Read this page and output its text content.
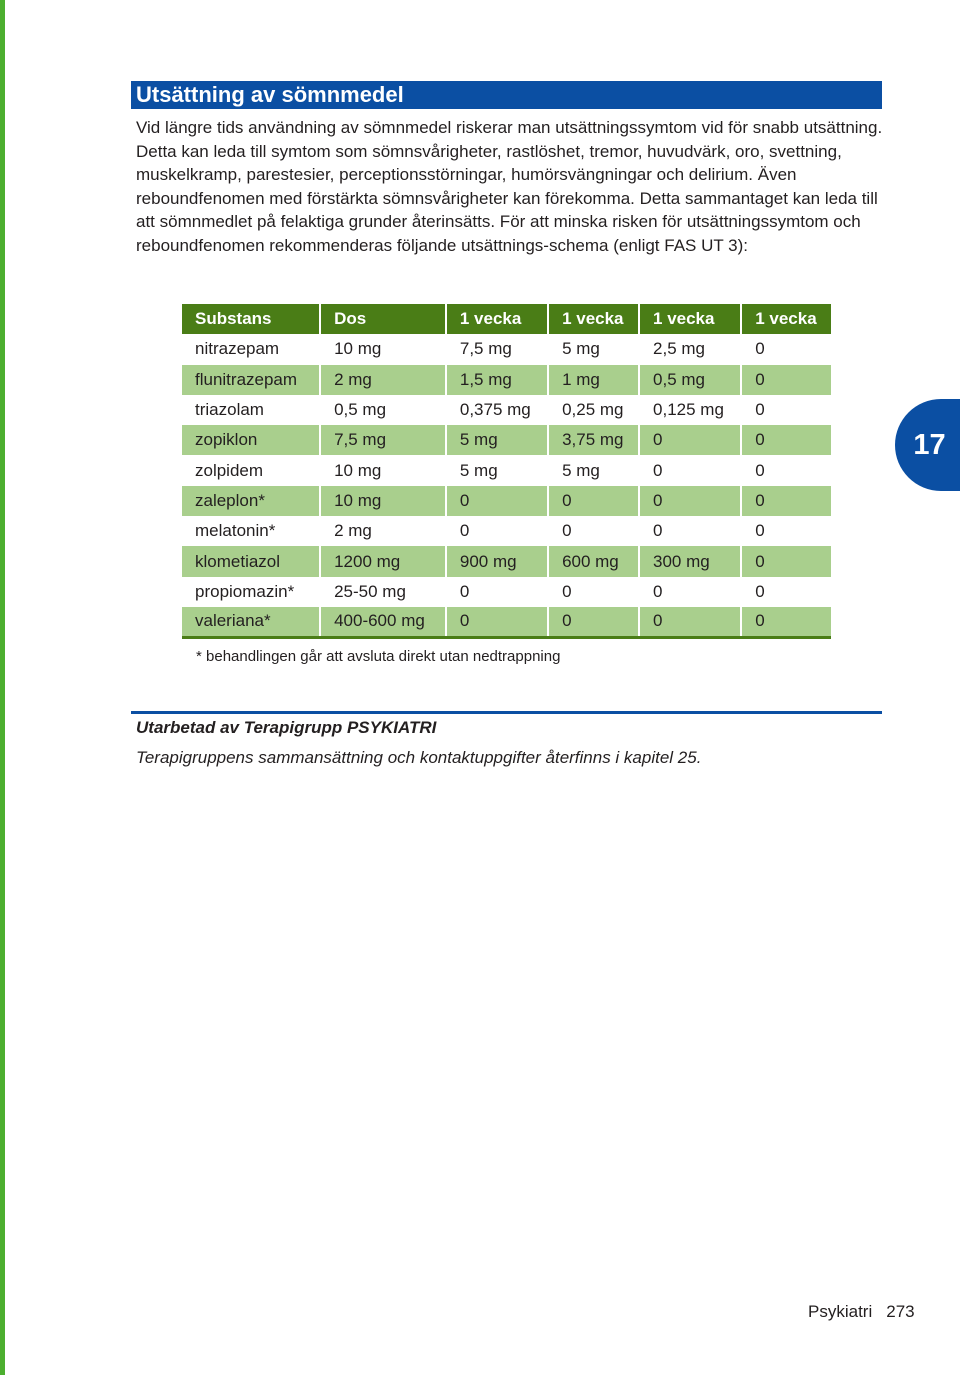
Utsättning av sömnmedel

Vid längre tids användning av sömnmedel riskerar man utsättningssymtom vid för snabb utsättning. Detta kan leda till symtom som sömnsvårigheter, rastlöshet, tremor, huvudvärk, oro, svettning, muskelkramp, parestesier, perceptionsstörningar, humörsvängningar och delirium. Även reboundfenomen med förstärkta sömnsvårigheter kan förekomma. Detta sammantaget kan leda till att sömnmedlet på felaktiga grunder återinsätts. För att minska risken för utsättningssymtom och reboundfenomen rekommenderas följande utsättnings-schema (enligt FAS UT 3):

Substans	Dos	1 vecka	1 vecka	1 vecka	1 vecka
nitrazepam	10 mg	7,5 mg	5 mg	2,5 mg	0
flunitrazepam	2 mg	1,5 mg	1 mg	0,5 mg	0
triazolam	0,5 mg	0,375 mg	0,25 mg	0,125 mg	0
zopiklon	7,5 mg	5 mg	3,75 mg	0	0
zolpidem	10 mg	5 mg	5 mg	0	0
zaleplon*	10 mg	0	0	0	0
melatonin*	2 mg	0	0	0	0
klometiazol	1200 mg	900 mg	600 mg	300 mg	0
propiomazin*	25-50 mg	0	0	0	0
valeriana*	400-600 mg	0	0	0	0
* behandlingen går att avsluta direkt utan nedtrappning
Utarbetad av Terapigrupp PSYKIATRI
Terapigruppens sammansättning och kontaktuppgifter återfinns i kapitel 25.
17
Psykiatri 273
